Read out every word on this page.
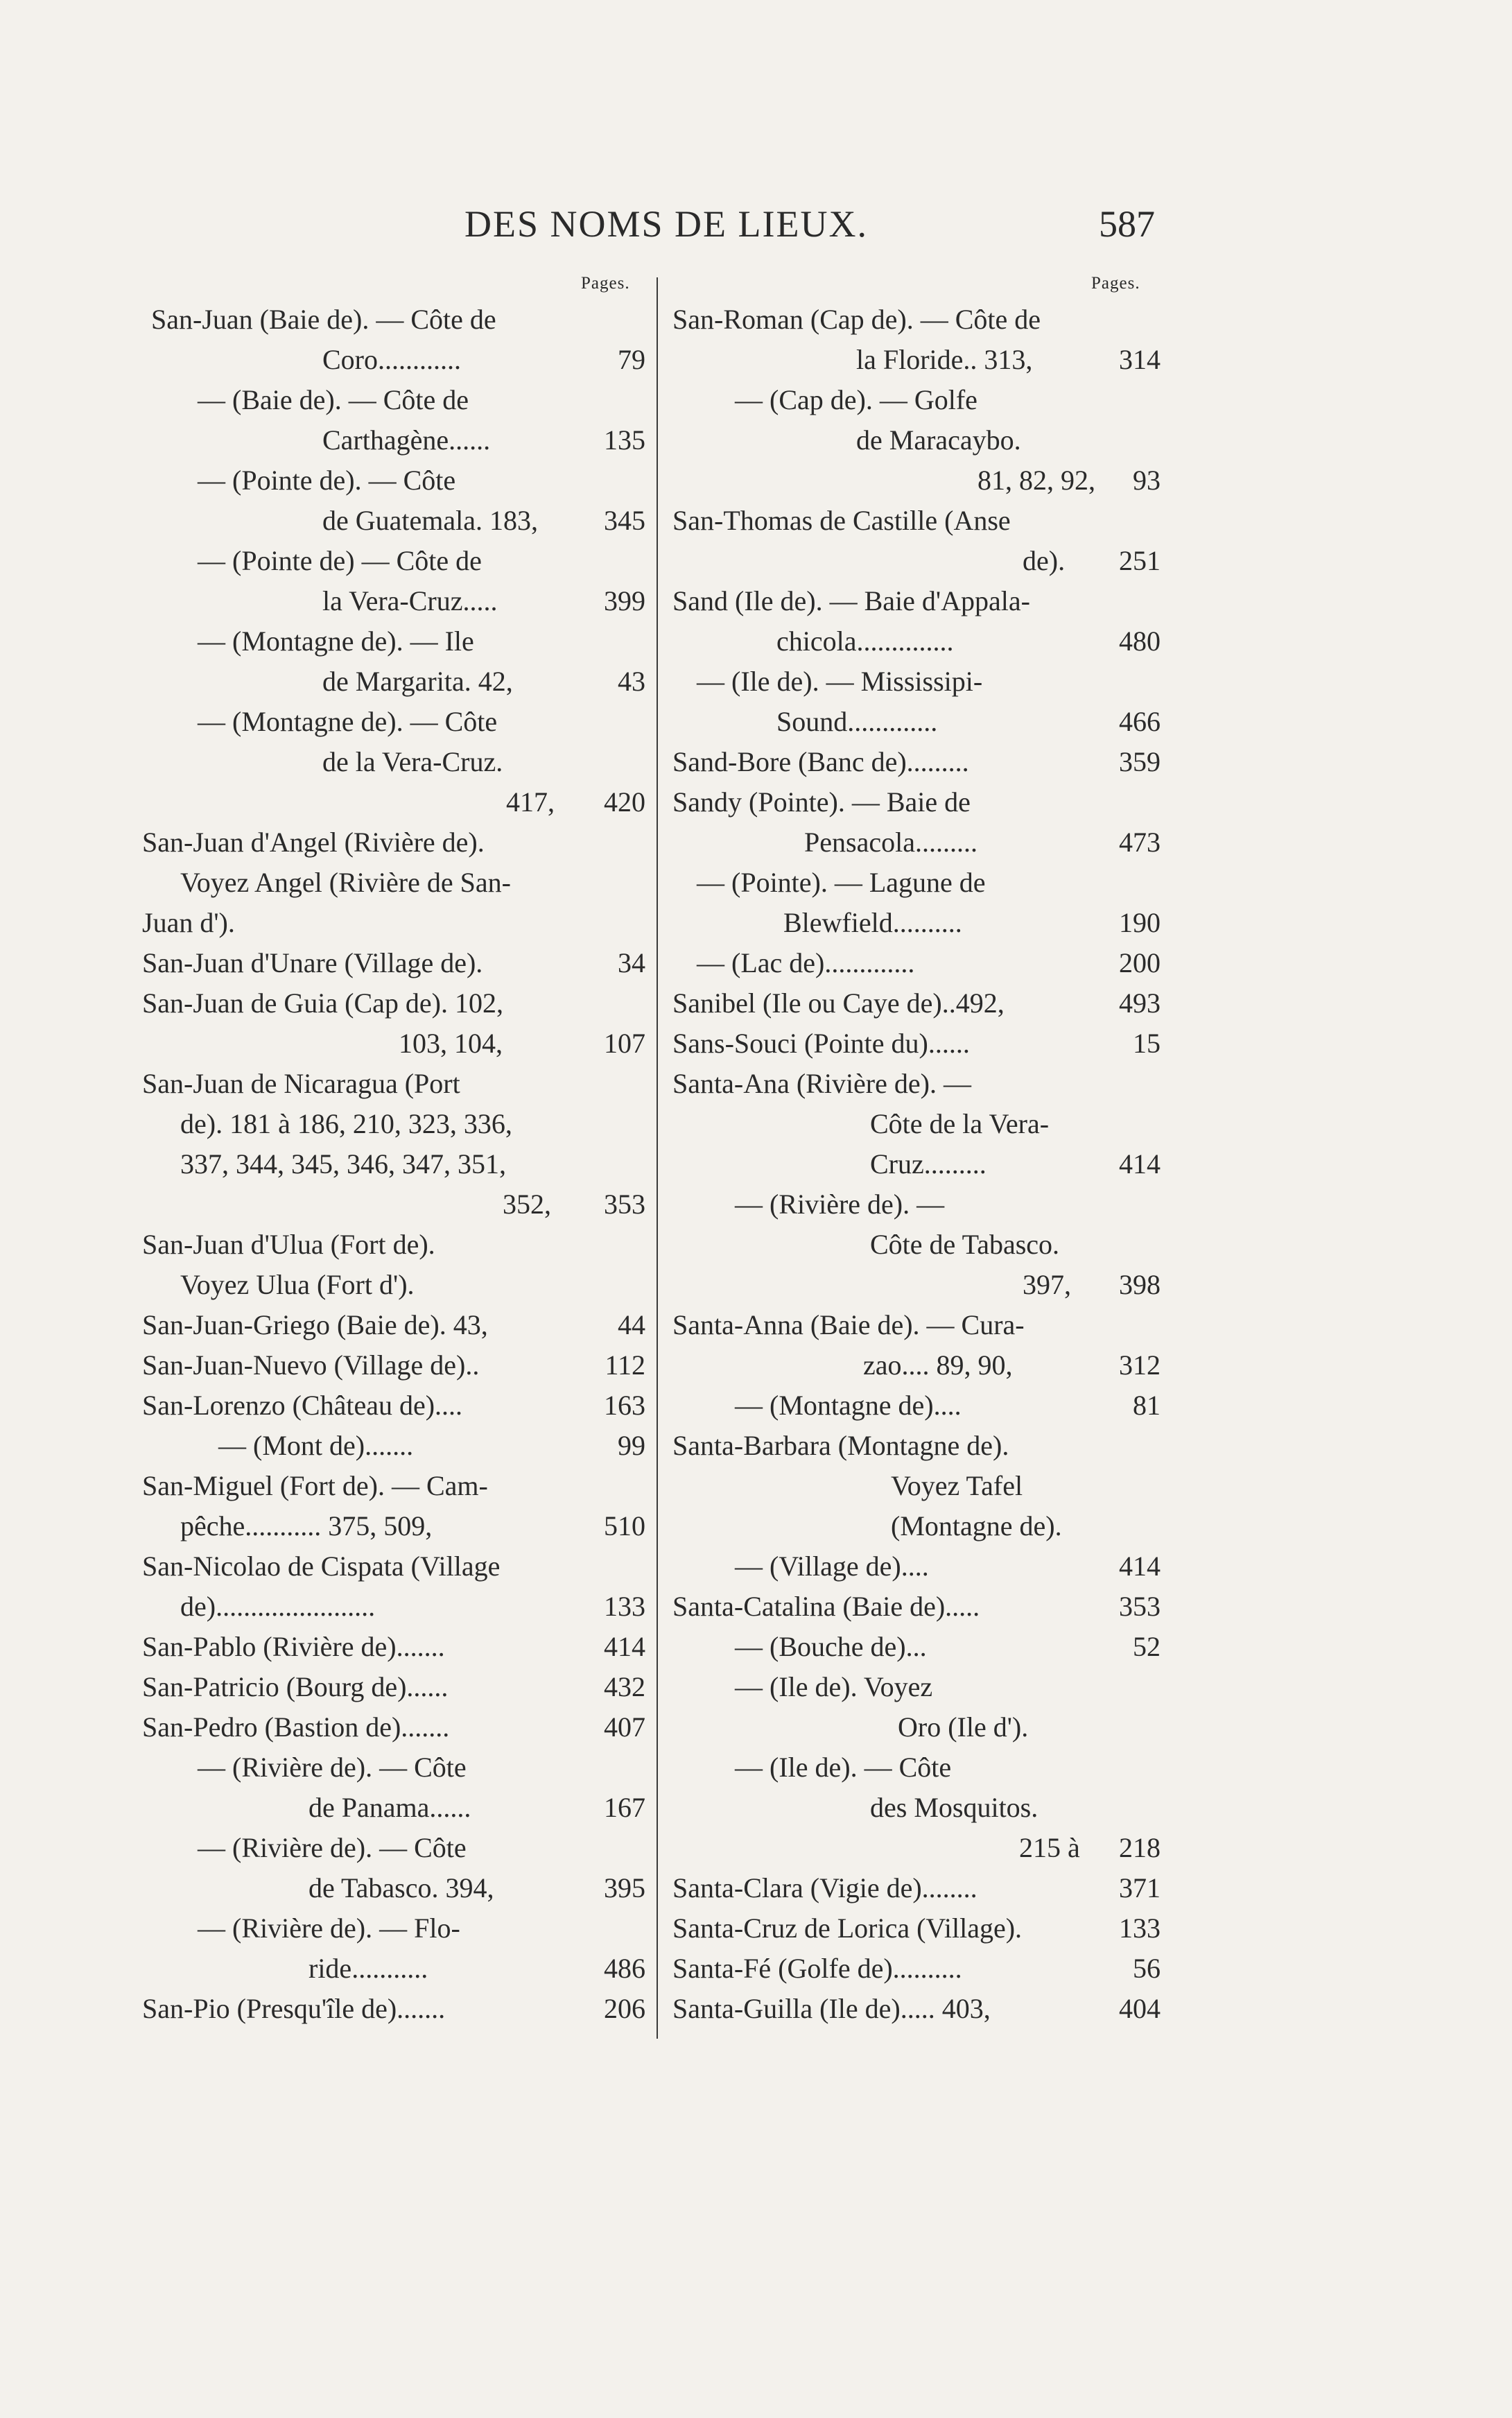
DES NOMS DE LIEUX.	587
Pages.	Pages.
San-Juan (Baie de). — Côte de
Coro............	79
— (Baie de). — Côte de
Carthagène......	135
— (Pointe de). — Côte
de Guatemala. 183, 345
— (Pointe de) — Côte de
la Vera-Cruz.....	399
— (Montagne de). — Ile
de Margarita. 42,	43
— (Montagne de). — Côte
de la Vera-Cruz.
417, 420
San-Juan d'Angel (Rivière de).
Voyez Angel (Rivière de San-
Juan d').
San-Juan d'Unare (Village de).	34
San-Juan de Guia (Cap de). 102,
103, 104,	107
San-Juan de Nicaragua (Port
de). 181 à 186, 210, 323, 336,
337, 344, 345, 346, 347, 351,
352, 353
San-Juan d'Ulua (Fort de).
Voyez Ulua (Fort d').
San-Juan-Griego (Baie de). 43,	44
San-Juan-Nuevo (Village de)..	112
San-Lorenzo (Château de)....	163
— (Mont de).......	99
San-Miguel (Fort de). — Cam-
pêche........... 375, 509,	510
San-Nicolao de Cispata (Village
de).......................	133
San-Pablo (Rivière de).......	414
San-Patricio (Bourg de)......	432
San-Pedro (Bastion de).......	407
— (Rivière de). — Côte
de Panama......	167
— (Rivière de). — Côte
de Tabasco. 394,	395
— (Rivière de). — Flo-
ride...........	486
San-Pio (Presqu'île de).......	206
San-Roman (Cap de). — Côte de
la Floride.. 313,	314
— (Cap de). — Golfe
de Maracaybo.
81, 82, 92, 93
San-Thomas de Castille (Anse
de). 251
Sand (Ile de). — Baie d'Appala-
chicola..............	480
— (Ile de). — Mississipi-
Sound.............	466
Sand-Bore (Banc de).........	359
Sandy (Pointe). — Baie de
Pensacola.........	473
— (Pointe). — Lagune de
Blewfield..........	190
— (Lac de).............	200
Sanibel (Ile ou Caye de)..492,	493
Sans-Souci (Pointe du)......	15
Santa-Ana (Rivière de). —
Côte de la Vera-
Cruz.........	414
— (Rivière de). —
Côte de Tabasco.
397, 398
Santa-Anna (Baie de). — Cura-
zao.... 89, 90,	312
— (Montagne de)....	81
Santa-Barbara (Montagne de).
Voyez Tafel
(Montagne de).
— (Village de)....	414
Santa-Catalina (Baie de).....	353
— (Bouche de)...	52
— (Ile de). Voyez
Oro (Ile d').
— (Ile de). — Côte
des Mosquitos.
215 à 218
Santa-Clara (Vigie de)........	371
Santa-Cruz de Lorica (Village).	133
Santa-Fé (Golfe de)..........	56
Santa-Guilla (Ile de)..... 403,	404
